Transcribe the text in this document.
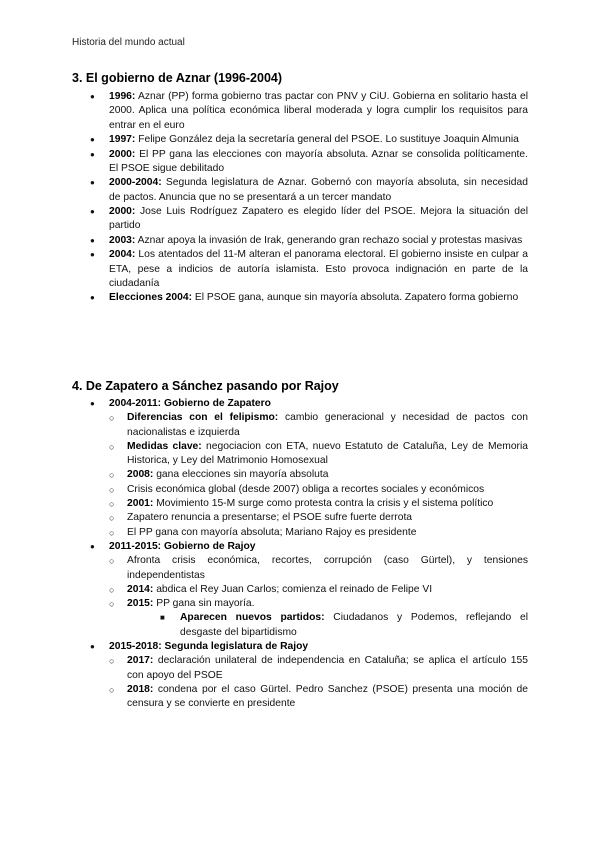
Historia del mundo actual
3. El gobierno de Aznar (1996-2004)
●	1996: Aznar (PP) forma gobierno tras pactar con PNV y CiU. Gobierna en solitario hasta el 2000. Aplica una política económica liberal moderada y logra cumplir los requisitos para entrar en el euro
●	1997: Felipe González deja la secretaría general del PSOE. Lo sustituye Joaquin Almunia
●	2000: El PP gana las elecciones con mayoría absoluta. Aznar se consolida políticamente. El PSOE sigue debilitado
●	2000-2004: Segunda legislatura de Aznar. Gobernó con mayoría absoluta, sin necesidad de pactos. Anuncia que no se presentará a un tercer mandato
●	2000: Jose Luis Rodríguez Zapatero es elegido líder del PSOE. Mejora la situación del partido
●	2003: Aznar apoya la invasión de Irak, generando gran rechazo social y protestas masivas
●	2004: Los atentados del 11-M alteran el panorama electoral. El gobierno insiste en culpar a ETA, pese a indicios de autoría islamista. Esto provoca indignación en parte de la ciudadanía
●	Elecciones 2004: El PSOE gana, aunque sin mayoría absoluta. Zapatero forma gobierno
4. De Zapatero a Sánchez pasando por Rajoy
●	2004-2011: Gobierno de Zapatero
○	Diferencias con el felipismo: cambio generacional y necesidad de pactos con nacionalistas e izquierda
○	Medidas clave: negociacion con ETA, nuevo Estatuto de Cataluña, Ley de Memoria Historica, y Ley del Matrimonio Homosexual
○	2008: gana elecciones sin mayoría absoluta
○	Crisis económica global (desde 2007) obliga a recortes sociales y económicos
○	2001: Movimiento 15-M surge como protesta contra la crisis y el sistema político
○	Zapatero renuncia a presentarse; el PSOE sufre fuerte derrota
○	El PP gana con mayoría absoluta; Mariano Rajoy es presidente
●	2011-2015: Gobierno de Rajoy
○	Afronta crisis económica, recortes, corrupción (caso Gürtel), y tensiones independentistas
○	2014: abdica el Rey Juan Carlos; comienza el reinado de Felipe VI
○	2015: PP gana sin mayoría.
■	Aparecen nuevos partidos: Ciudadanos y Podemos, reflejando el desgaste del bipartidismo
●	2015-2018: Segunda legislatura de Rajoy
○	2017: declaración unilateral de independencia en Cataluña; se aplica el artículo 155 con apoyo del PSOE
○	2018: condena por el caso Gürtel. Pedro Sanchez (PSOE) presenta una moción de censura y se convierte en presidente
